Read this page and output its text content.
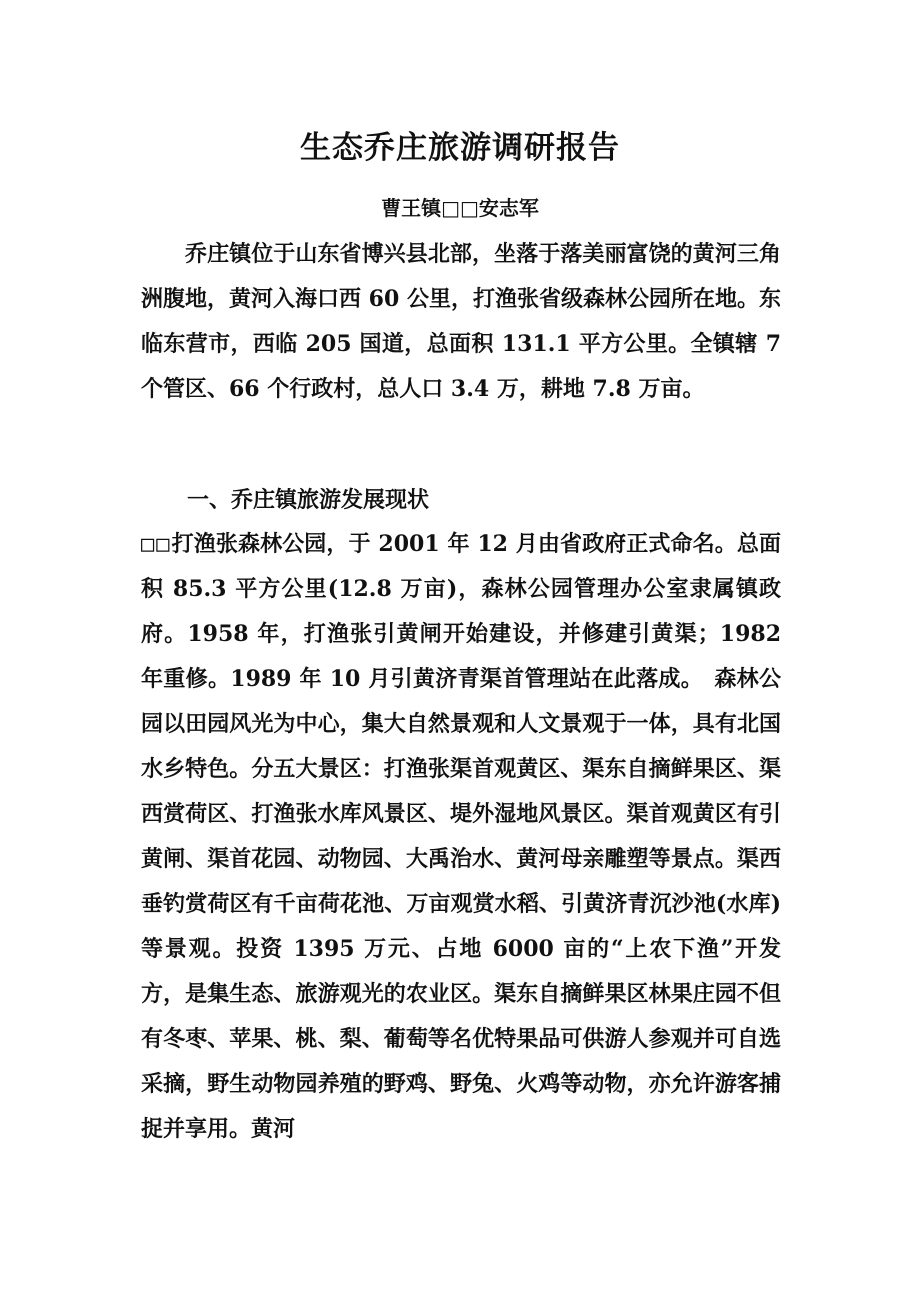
生态乔庄旅游调研报告
曹王镇□□安志军

乔庄镇位于山东省博兴县北部，坐落于落美丽富饶的黄河三角洲腹地，黄河入海口西 60 公里，打渔张省级森林公园所在地。东临东营市，西临 205 国道，总面积 131.1 平方公里。全镇辖 7 个管区、66 个行政村，总人口 3.4 万，耕地 7.8 万亩。

一、乔庄镇旅游发展现状

□□打渔张森林公园，于 2001 年 12 月由省政府正式命名。总面积 85.3 平方公里(12.8 万亩)，森林公园管理办公室隶属镇政府。1958 年，打渔张引黄闸开始建设，并修建引黄渠；1982 年重修。1989 年 10 月引黄济青渠首管理站在此落成。　森林公园以田园风光为中心，集大自然景观和人文景观于一体，具有北国水乡特色。分五大景区：打渔张渠首观黄区、渠东自摘鲜果区、渠西赏荷区、打渔张水库风景区、堤外湿地风景区。渠首观黄区有引黄闸、渠首花园、动物园、大禹治水、黄河母亲雕塑等景点。渠西垂钓赏荷区有千亩荷花池、万亩观赏水稻、引黄济青沉沙池(水库)等景观。投资 1395 万元、占地 6000 亩的“上农下渔”开发方，是集生态、旅游观光的农业区。渠东自摘鲜果区林果庄园不但有冬枣、苹果、桃、梨、葡萄等名优特果品可供游人参观并可自选采摘，野生动物园养殖的野鸡、野兔、火鸡等动物，亦允许游客捕捉并享用。黄河
